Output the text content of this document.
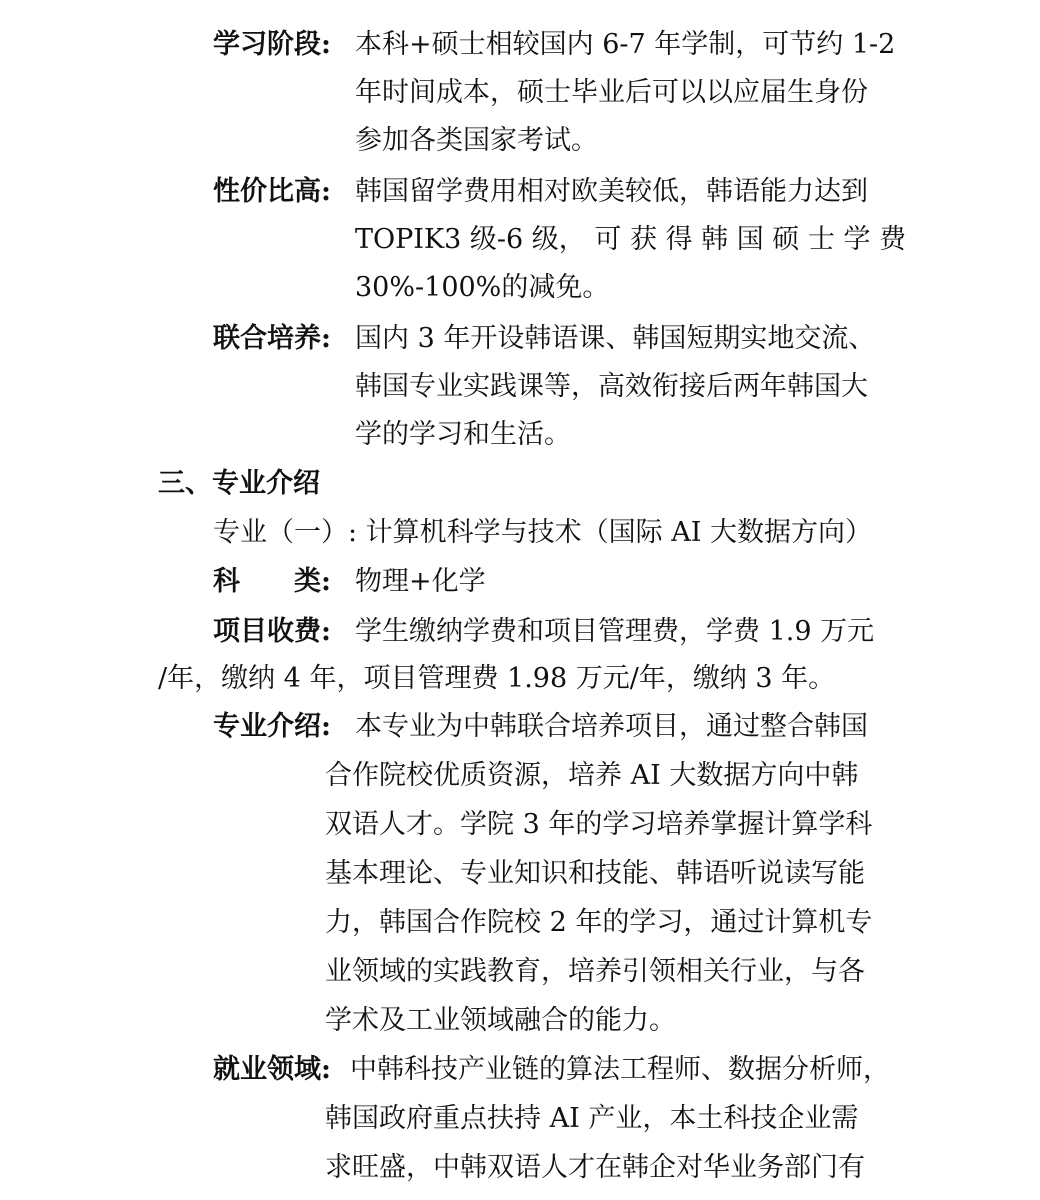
学习阶段: 本科+硕士相较国内 6-7 年学制，可节约 1-2
年时间成本，硕士毕业后可以以应届生身份
参加各类国家考试。
性价比高: 韩国留学费用相对欧美较低，韩语能力达到
TOPIK3 级-6 级， 可 获 得 韩 国 硕 士 学 费
30%-100%的减免。
联合培养: 国内 3 年开设韩语课、韩国短期实地交流、
韩国专业实践课等，高效衔接后两年韩国大
学的学习和生活。
三、专业介绍
专业（一）: 计算机科学与技术（国际 AI 大数据方向）
科　　类: 物理+化学
项目收费: 学生缴纳学费和项目管理费，学费 1.9 万元
/年，缴纳 4 年，项目管理费 1.98 万元/年，缴纳 3 年。
专业介绍: 本专业为中韩联合培养项目，通过整合韩国
合作院校优质资源，培养 AI 大数据方向中韩
双语人才。学院 3 年的学习培养掌握计算学科
基本理论、专业知识和技能、韩语听说读写能
力，韩国合作院校 2 年的学习，通过计算机专
业领域的实践教育，培养引领相关行业，与各
学术及工业领域融合的能力。
就业领域: 中韩科技产业链的算法工程师、数据分析师，
韩国政府重点扶持 AI 产业，本土科技企业需
求旺盛，中韩双语人才在韩企对华业务部门有
